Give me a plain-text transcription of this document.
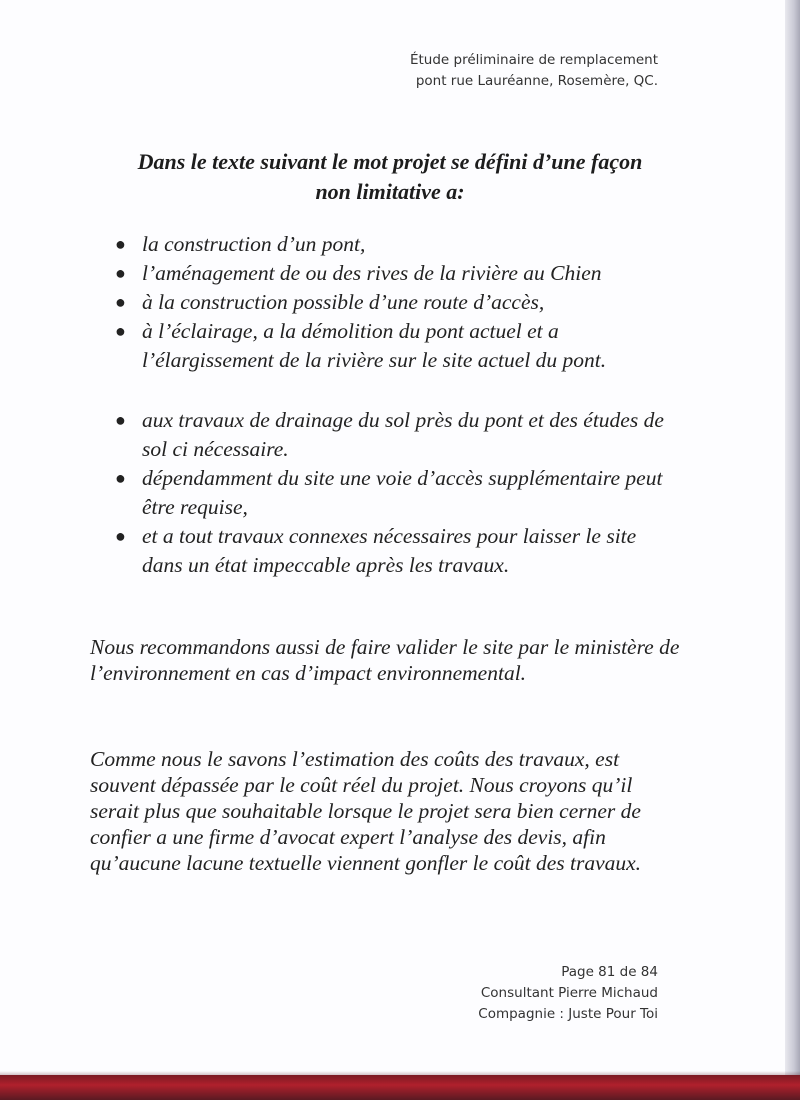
Étude préliminaire de remplacement
pont rue Lauréanne, Rosemère, QC.
Dans le texte suivant le mot projet se défini d’une façon
non limitative a:
● la construction d’un pont,
● l’aménagement de ou des rives de la rivière au Chien
● à la construction possible d’une route d’accès,
● à l’éclairage, a la démolition du pont actuel et a l’élargissement de la rivière sur le site actuel du pont.
● aux travaux de drainage du sol près du pont et des études de sol ci nécessaire.
● dépendamment du site une voie d’accès supplémentaire peut être requise,
● et a tout travaux connexes nécessaires pour laisser le site dans un état impeccable après les travaux.

Nous recommandons aussi de faire valider le site par le ministère de l’environnement en cas d’impact environnemental.

Comme nous le savons l’estimation des coûts des travaux, est souvent dépassée par le coût réel du projet. Nous croyons qu’il serait plus que souhaitable lorsque le projet sera bien cerner de confier a une firme d’avocat expert l’analyse des devis, afin qu’aucune lacune textuelle viennent gonfler le coût des travaux.

Page 81 de 84
Consultant Pierre Michaud
Compagnie : Juste Pour Toi
